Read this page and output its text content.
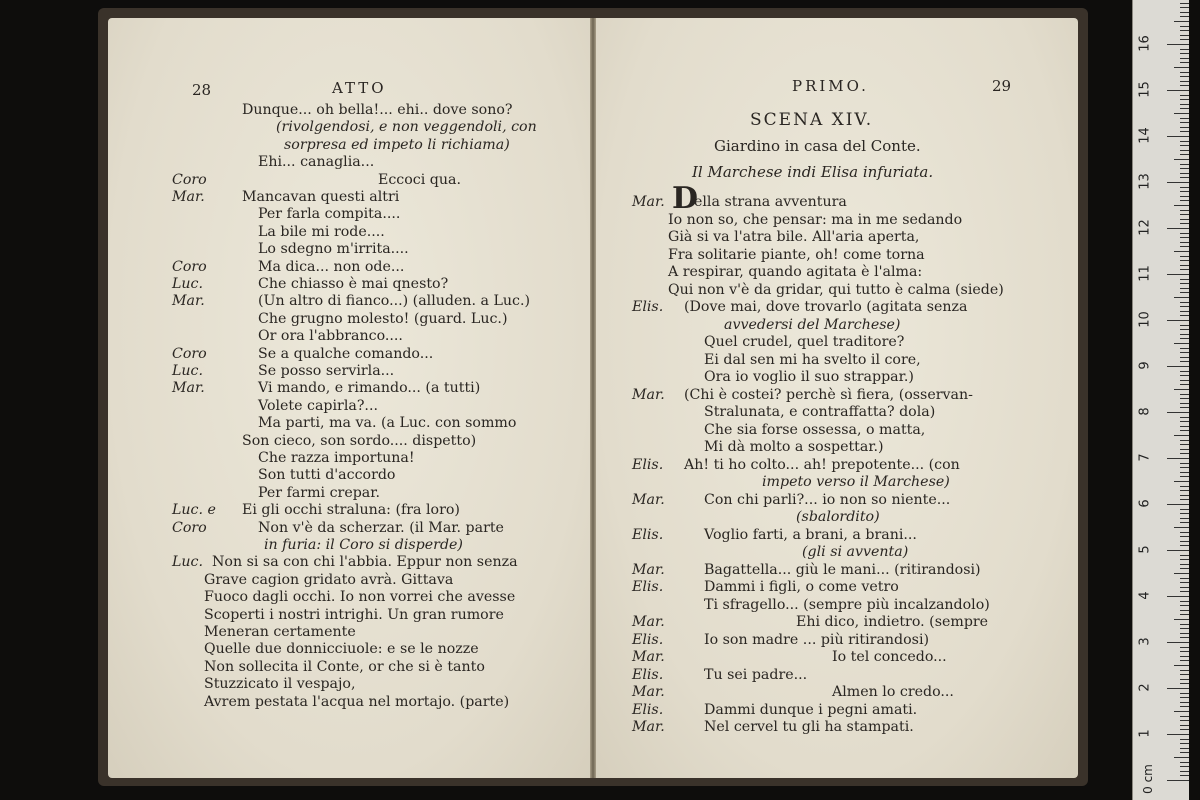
28	ATTO
Dunque... oh bella!... ehi.. dove sono?
(rivolgendosi, e non veggendoli, con
sorpresa ed impeto li richiama)
Ehi... canaglia...
Coro	Eccoci qua.
Mar.	Mancavan questi altri
Per farla compita....
La bile mi rode....
Lo sdegno m'irrita....
Coro	Ma dica... non ode...
Luc.	Che chiasso è mai qnesto?
Mar.	(Un altro di fianco...) (alluden. a Luc.)
Che grugno molesto! (guard. Luc.)
Or ora l'abbranco....
Coro	Se a qualche comando...
Luc.	Se posso servirla...
Mar.	Vi mando, e rimando... (a tutti)
Volete capirla?...
Ma parti, ma va. (a Luc. con sommo
Son cieco, son sordo.... dispetto)
Che razza importuna!
Son tutti d'accordo
Per farmi crepar.
Luc. e Ei gli occhi straluna: (fra loro)
Coro	Non v'è da scherzar. (il Mar. parte
in furia: il Coro si disperde)
Luc. Non si sa con chi l'abbia. Eppur non senza
Grave cagion gridato avrà. Gittava
Fuoco dagli occhi. Io non vorrei che avesse
Scoperti i nostri intrighi. Un gran rumore
Meneran certamente
Quelle due donnicciuole: e se le nozze
Non sollecita il Conte, or che si è tanto
Stuzzicato il vespajo,
Avrem pestata l'acqua nel mortajo. (parte)
PRIMO.	29
SCENA XIV.
Giardino in casa del Conte.
Il Marchese indi Elisa infuriata.
D
Mar. ella strana avventura
Io non so, che pensar: ma in me sedando
Già si va l'atra bile. All'aria aperta,
Fra solitarie piante, oh! come torna
A respirar, quando agitata è l'alma:
Qui non v'è da gridar, qui tutto è calma (siede)
Elis. (Dove mai, dove trovarlo (agitata senza
avvedersi del Marchese)
Quel crudel, quel traditore?
Ei dal sen mi ha svelto il core,
Ora io voglio il suo strappar.)
Mar. (Chi è costei? perchè sì fiera, (osservan-
Stralunata, e contraffatta? dola)
Che sia forse ossessa, o matta,
Mi dà molto a sospettar.)
Elis. Ah! ti ho colto... ah! prepotente... (con
impeto verso il Marchese)
Mar.	Con chi parli?... io non so niente...
(sbalordito)
Elis.	Voglio farti, a brani, a brani...
(gli si avventa)
Mar.	Bagattella... giù le mani... (ritirandosi)
Elis.	Dammi i figli, o come vetro
Ti sfragello... (sempre più incalzandolo)
Mar.	Ehi dico, indietro. (sempre
Elis.	Io son madre ... più ritirandosi)
Mar.	Io tel concedo...
Elis.	Tu sei padre...
Mar.	Almen lo credo...
Elis.	Dammi dunque i pegni amati.
Mar.	Nel cervel tu gli ha stampati.
0 cm
1
2
3
4
5
6
7
8
9
10
11
12
13
14
15
16
